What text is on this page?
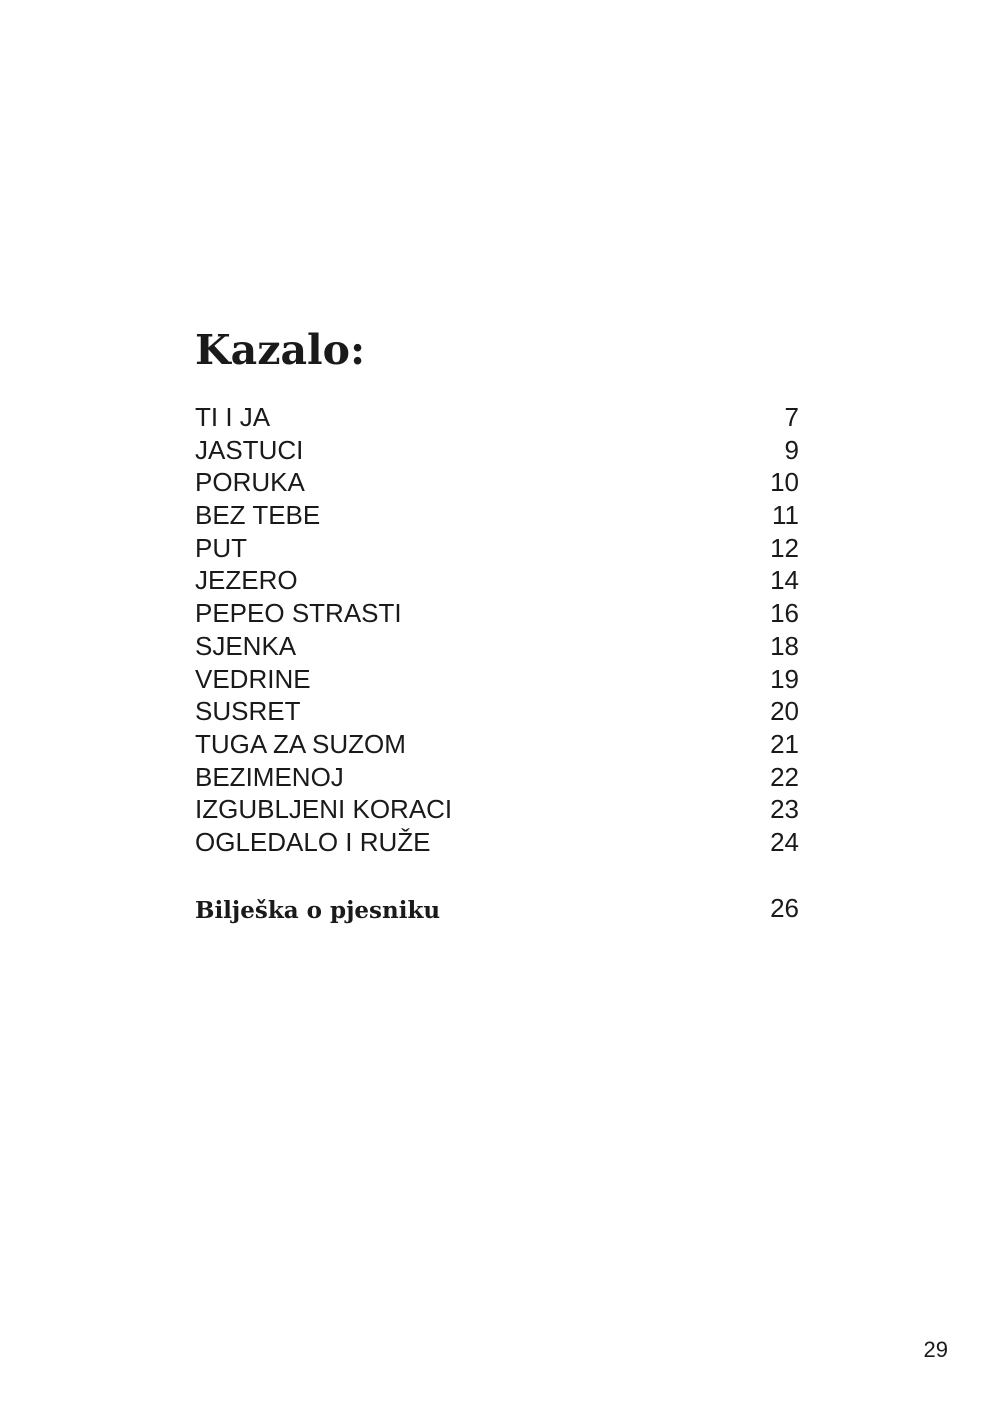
Kazalo:
TI I JA	7
JASTUCI	9
PORUKA	10
BEZ TEBE	11
PUT	12
JEZERO	14
PEPEO STRASTI	16
SJENKA	18
VEDRINE	19
SUSRET	20
TUGA ZA SUZOM	21
BEZIMENOJ	22
IZGUBLJENI KORACI	23
OGLEDALO I RUŽE	24
Bilješka o pjesniku	26
29
